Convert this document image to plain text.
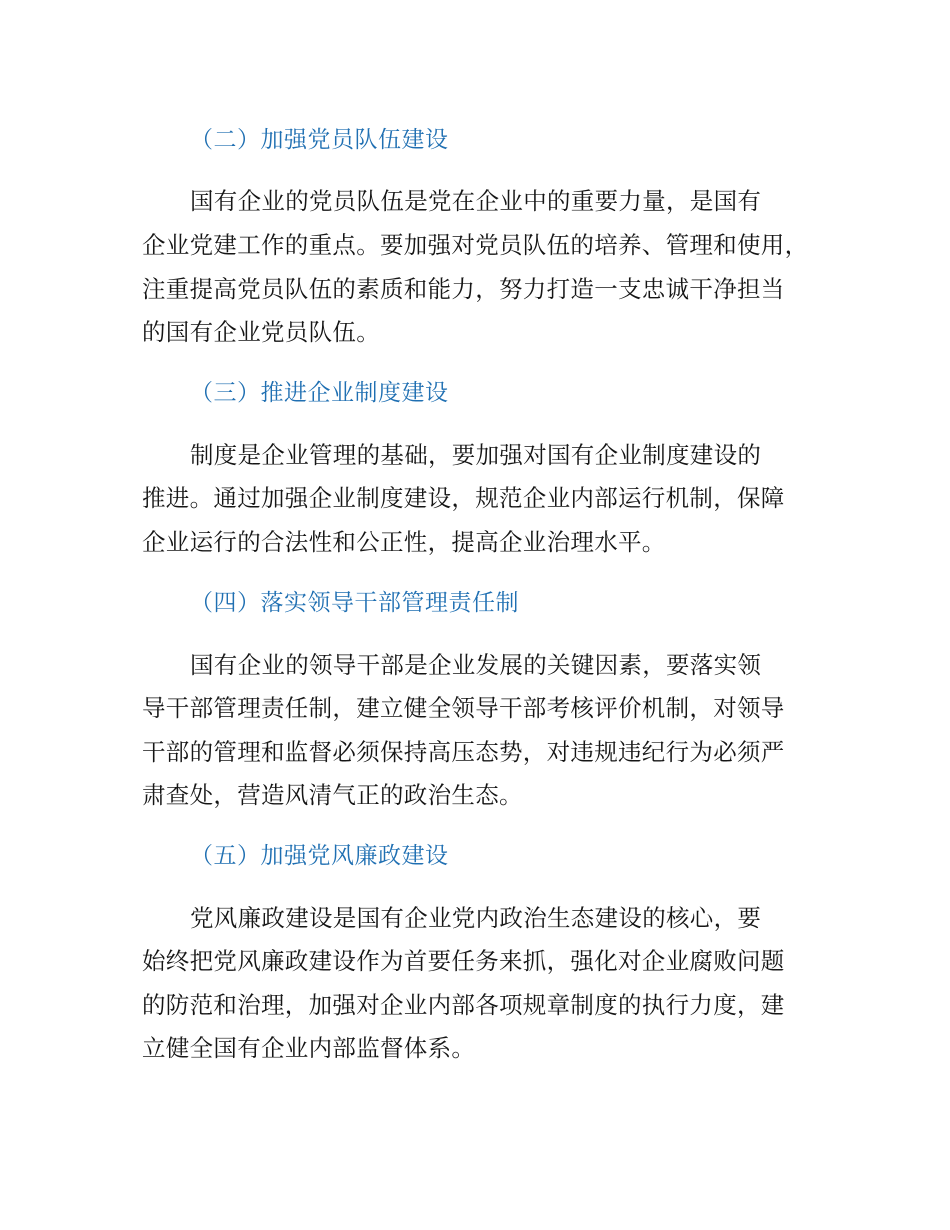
（二）加强党员队伍建设
国有企业的党员队伍是党在企业中的重要力量，是国有
企业党建工作的重点。要加强对党员队伍的培养、管理和使用，
注重提高党员队伍的素质和能力，努力打造一支忠诚干净担当
的国有企业党员队伍。
（三）推进企业制度建设
制度是企业管理的基础，要加强对国有企业制度建设的
推进。通过加强企业制度建设，规范企业内部运行机制，保障
企业运行的合法性和公正性，提高企业治理水平。
（四）落实领导干部管理责任制
国有企业的领导干部是企业发展的关键因素，要落实领
导干部管理责任制，建立健全领导干部考核评价机制，对领导
干部的管理和监督必须保持高压态势，对违规违纪行为必须严
肃查处，营造风清气正的政治生态。
（五）加强党风廉政建设
党风廉政建设是国有企业党内政治生态建设的核心，要
始终把党风廉政建设作为首要任务来抓，强化对企业腐败问题
的防范和治理，加强对企业内部各项规章制度的执行力度，建
立健全国有企业内部监督体系。
